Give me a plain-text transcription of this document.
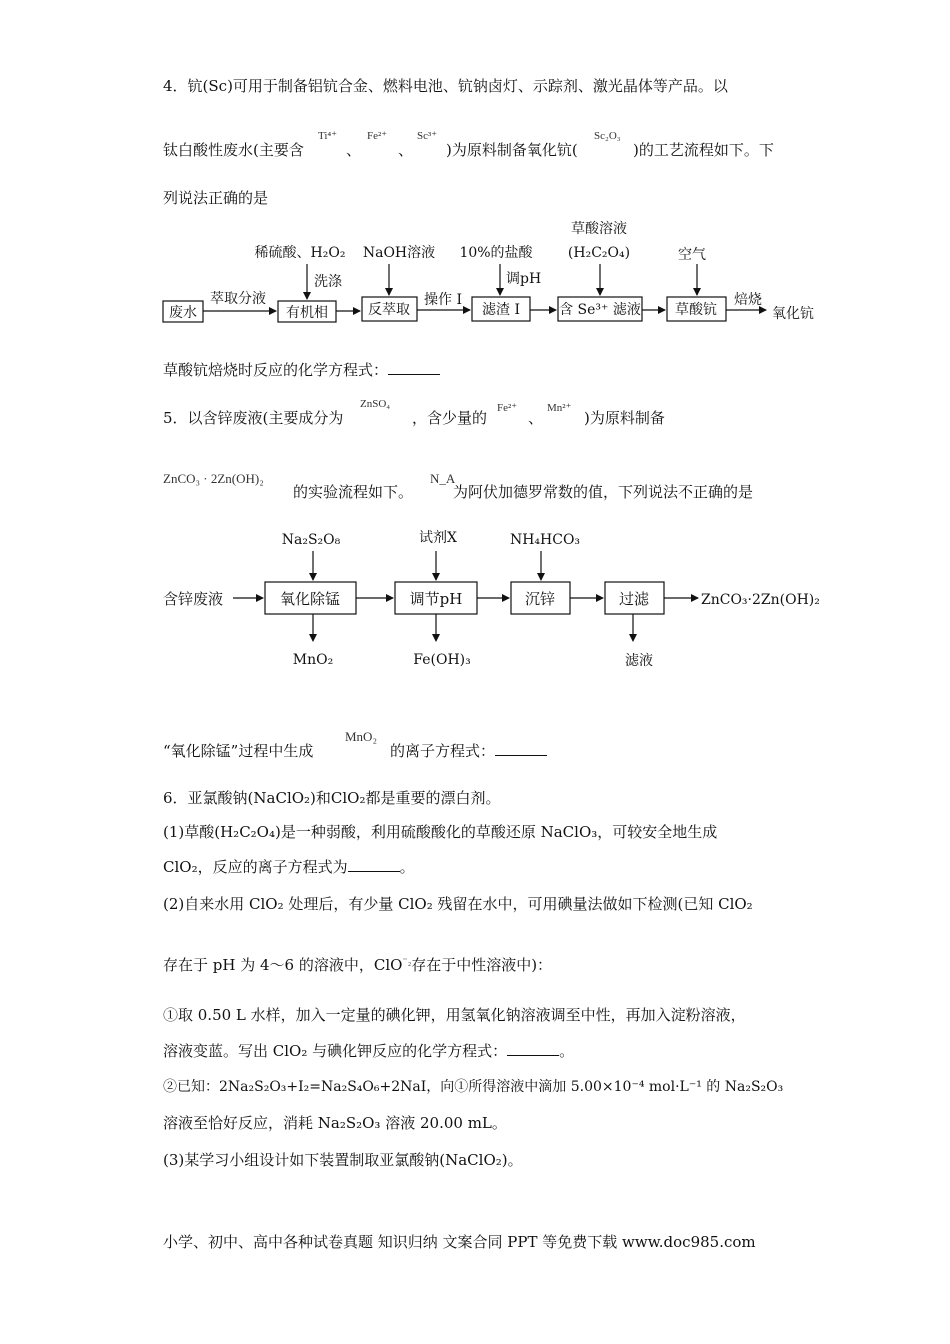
4．钪(Sc)可用于制备铝钪合金、燃料电池、钪钠卤灯、示踪剂、激光晶体等产品。以
钛白酸性废水(主要含
Ti⁴⁺
、
Fe²⁺
、
Sc³⁺
)为原料制备氧化钪(
Sc₂O₃
)的工艺流程如下。下
列说法正确的是
废水	有机相	反萃取	滤渣 I	含 Se³⁺ 滤液 草酸钪	氧化钪
萃取分液	操作 I	焙烧
稀硫酸、H₂O₂
洗涤
NaOH溶液 10%的盐酸
调pH
草酸溶液
(H₂C₂O₄)	空气
草酸钪焙烧时反应的化学方程式：
5．以含锌废液(主要成分为
ZnSO₄
，含少量的
Fe²⁺
、
Mn²⁺
)为原料制备
ZnCO₃ · 2Zn(OH)₂
的实验流程如下。
N_A
为阿伏加德罗常数的值，下列说法不正确的是
含锌废液	氧化除锰	调节pH	沉锌	过滤	ZnCO₃·2Zn(OH)₂
Na₂S₂O₈	试剂X	NH₄HCO₃
MnO₂	Fe(OH)₃	滤液
“氧化除锰”过程中生成
MnO₂
的离子方程式：
6．亚氯酸钠(NaClO₂)和ClO₂都是重要的漂白剂。
(1)草酸(H₂C₂O₄)是一种弱酸，利用硫酸酸化的草酸还原 NaClO₃，可较安全地生成
ClO₂，反应的离子方程式为	。
(2)自来水用 ClO₂ 处理后，有少量 ClO₂ 残留在水中，可用碘量法做如下检测(已知 ClO₂
存在于 pH 为 4～6 的溶液中，ClO$^{^-_2}$存在于中性溶液中)：
①取 0.50 L 水样，加入一定量的碘化钾，用氢氧化钠溶液调至中性，再加入淀粉溶液，
溶液变蓝。写出 ClO₂ 与碘化钾反应的化学方程式：	。
②已知：2Na₂S₂O₃+I₂=Na₂S₄O₆+2NaI，向①所得溶液中滴加 5.00×10⁻⁴ mol·L⁻¹ 的 Na₂S₂O₃
溶液至恰好反应，消耗 Na₂S₂O₃ 溶液 20.00 mL。
(3)某学习小组设计如下装置制取亚氯酸钠(NaClO₂)。
小学、初中、高中各种试卷真题 知识归纳 文案合同 PPT 等免费下载 www.doc985.com
